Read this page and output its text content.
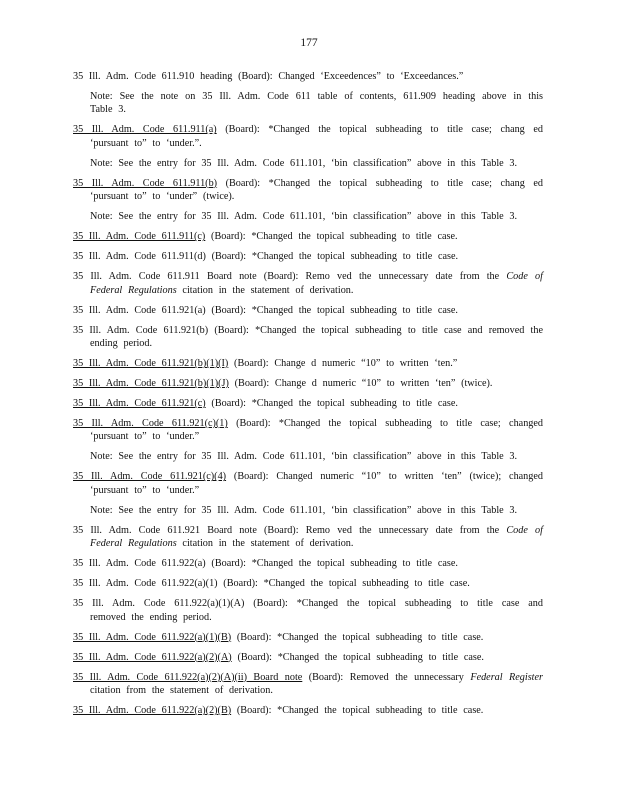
177
35 Ill. Adm. Code 611.910 heading (Board): Changed ‘Exceedences” to ‘Exceedances.”
Note: See the note on 35 Ill. Adm. Code 611 table of contents, 611.909 heading above in this Table 3.
35 Ill. Adm. Code 611.911(a) (Board): *Changed the topical subheading to title case; chang ed ‘pursuant to” to ‘under.”.
Note: See the entry for 35 Ill. Adm. Code 611.101, ‘bin classification” above in this Table 3.
35 Ill. Adm. Code 611.911(b) (Board): *Changed the topical subheading to title case; chang ed ‘pursuant to” to ‘under” (twice).
Note: See the entry for 35 Ill. Adm. Code 611.101, ‘bin classification” above in this Table 3.
35 Ill. Adm. Code 611.911(c) (Board): *Changed the topical subheading to title case.
35 Ill. Adm. Code 611.911(d) (Board): *Changed the topical subheading to title case.
35 Ill. Adm. Code 611.911 Board note (Board): Remo ved the unnecessary date from the Code of Federal Regulations citation in the statement of derivation.
35 Ill. Adm. Code 611.921(a) (Board): *Changed the topical subheading to title case.
35 Ill. Adm. Code 611.921(b) (Board): *Changed the topical subheading to title case and removed the ending period.
35 Ill. Adm. Code 611.921(b)(1)(I) (Board): Change d numeric “10” to written ‘ten.”
35 Ill. Adm. Code 611.921(b)(1)(J) (Board): Change d numeric “10” to written ‘ten” (twice).
35 Ill. Adm. Code 611.921(c) (Board): *Changed the topical subheading to title case.
35 Ill. Adm. Code 611.921(c)(1) (Board): *Changed the topical subheading to title case; changed ‘pursuant to” to ‘under.”
Note: See the entry for 35 Ill. Adm. Code 611.101, ‘bin classification” above in this Table 3.
35 Ill. Adm. Code 611.921(c)(4) (Board): Changed numeric “10” to written ‘ten” (twice); changed ‘pursuant to” to ‘under.”
Note: See the entry for 35 Ill. Adm. Code 611.101, ‘bin classification” above in this Table 3.
35 Ill. Adm. Code 611.921 Board note (Board): Remo ved the unnecessary date from the Code of Federal Regulations citation in the statement of derivation.
35 Ill. Adm. Code 611.922(a) (Board): *Changed the topical subheading to title case.
35 Ill. Adm. Code 611.922(a)(1) (Board): *Changed the topical subheading to title case.
35 Ill. Adm. Code 611.922(a)(1)(A) (Board): *Changed the topical subheading to title case and removed the ending period.
35 Ill. Adm. Code 611.922(a)(1)(B) (Board): *Changed the topical subheading to title case.
35 Ill. Adm. Code 611.922(a)(2)(A) (Board): *Changed the topical subheading to title case.
35 Ill. Adm. Code 611.922(a)(2)(A)(ii) Board note (Board): Removed the unnecessary Federal Register citation from the statement of derivation.
35 Ill. Adm. Code 611.922(a)(2)(B) (Board): *Changed the topical subheading to title case.
